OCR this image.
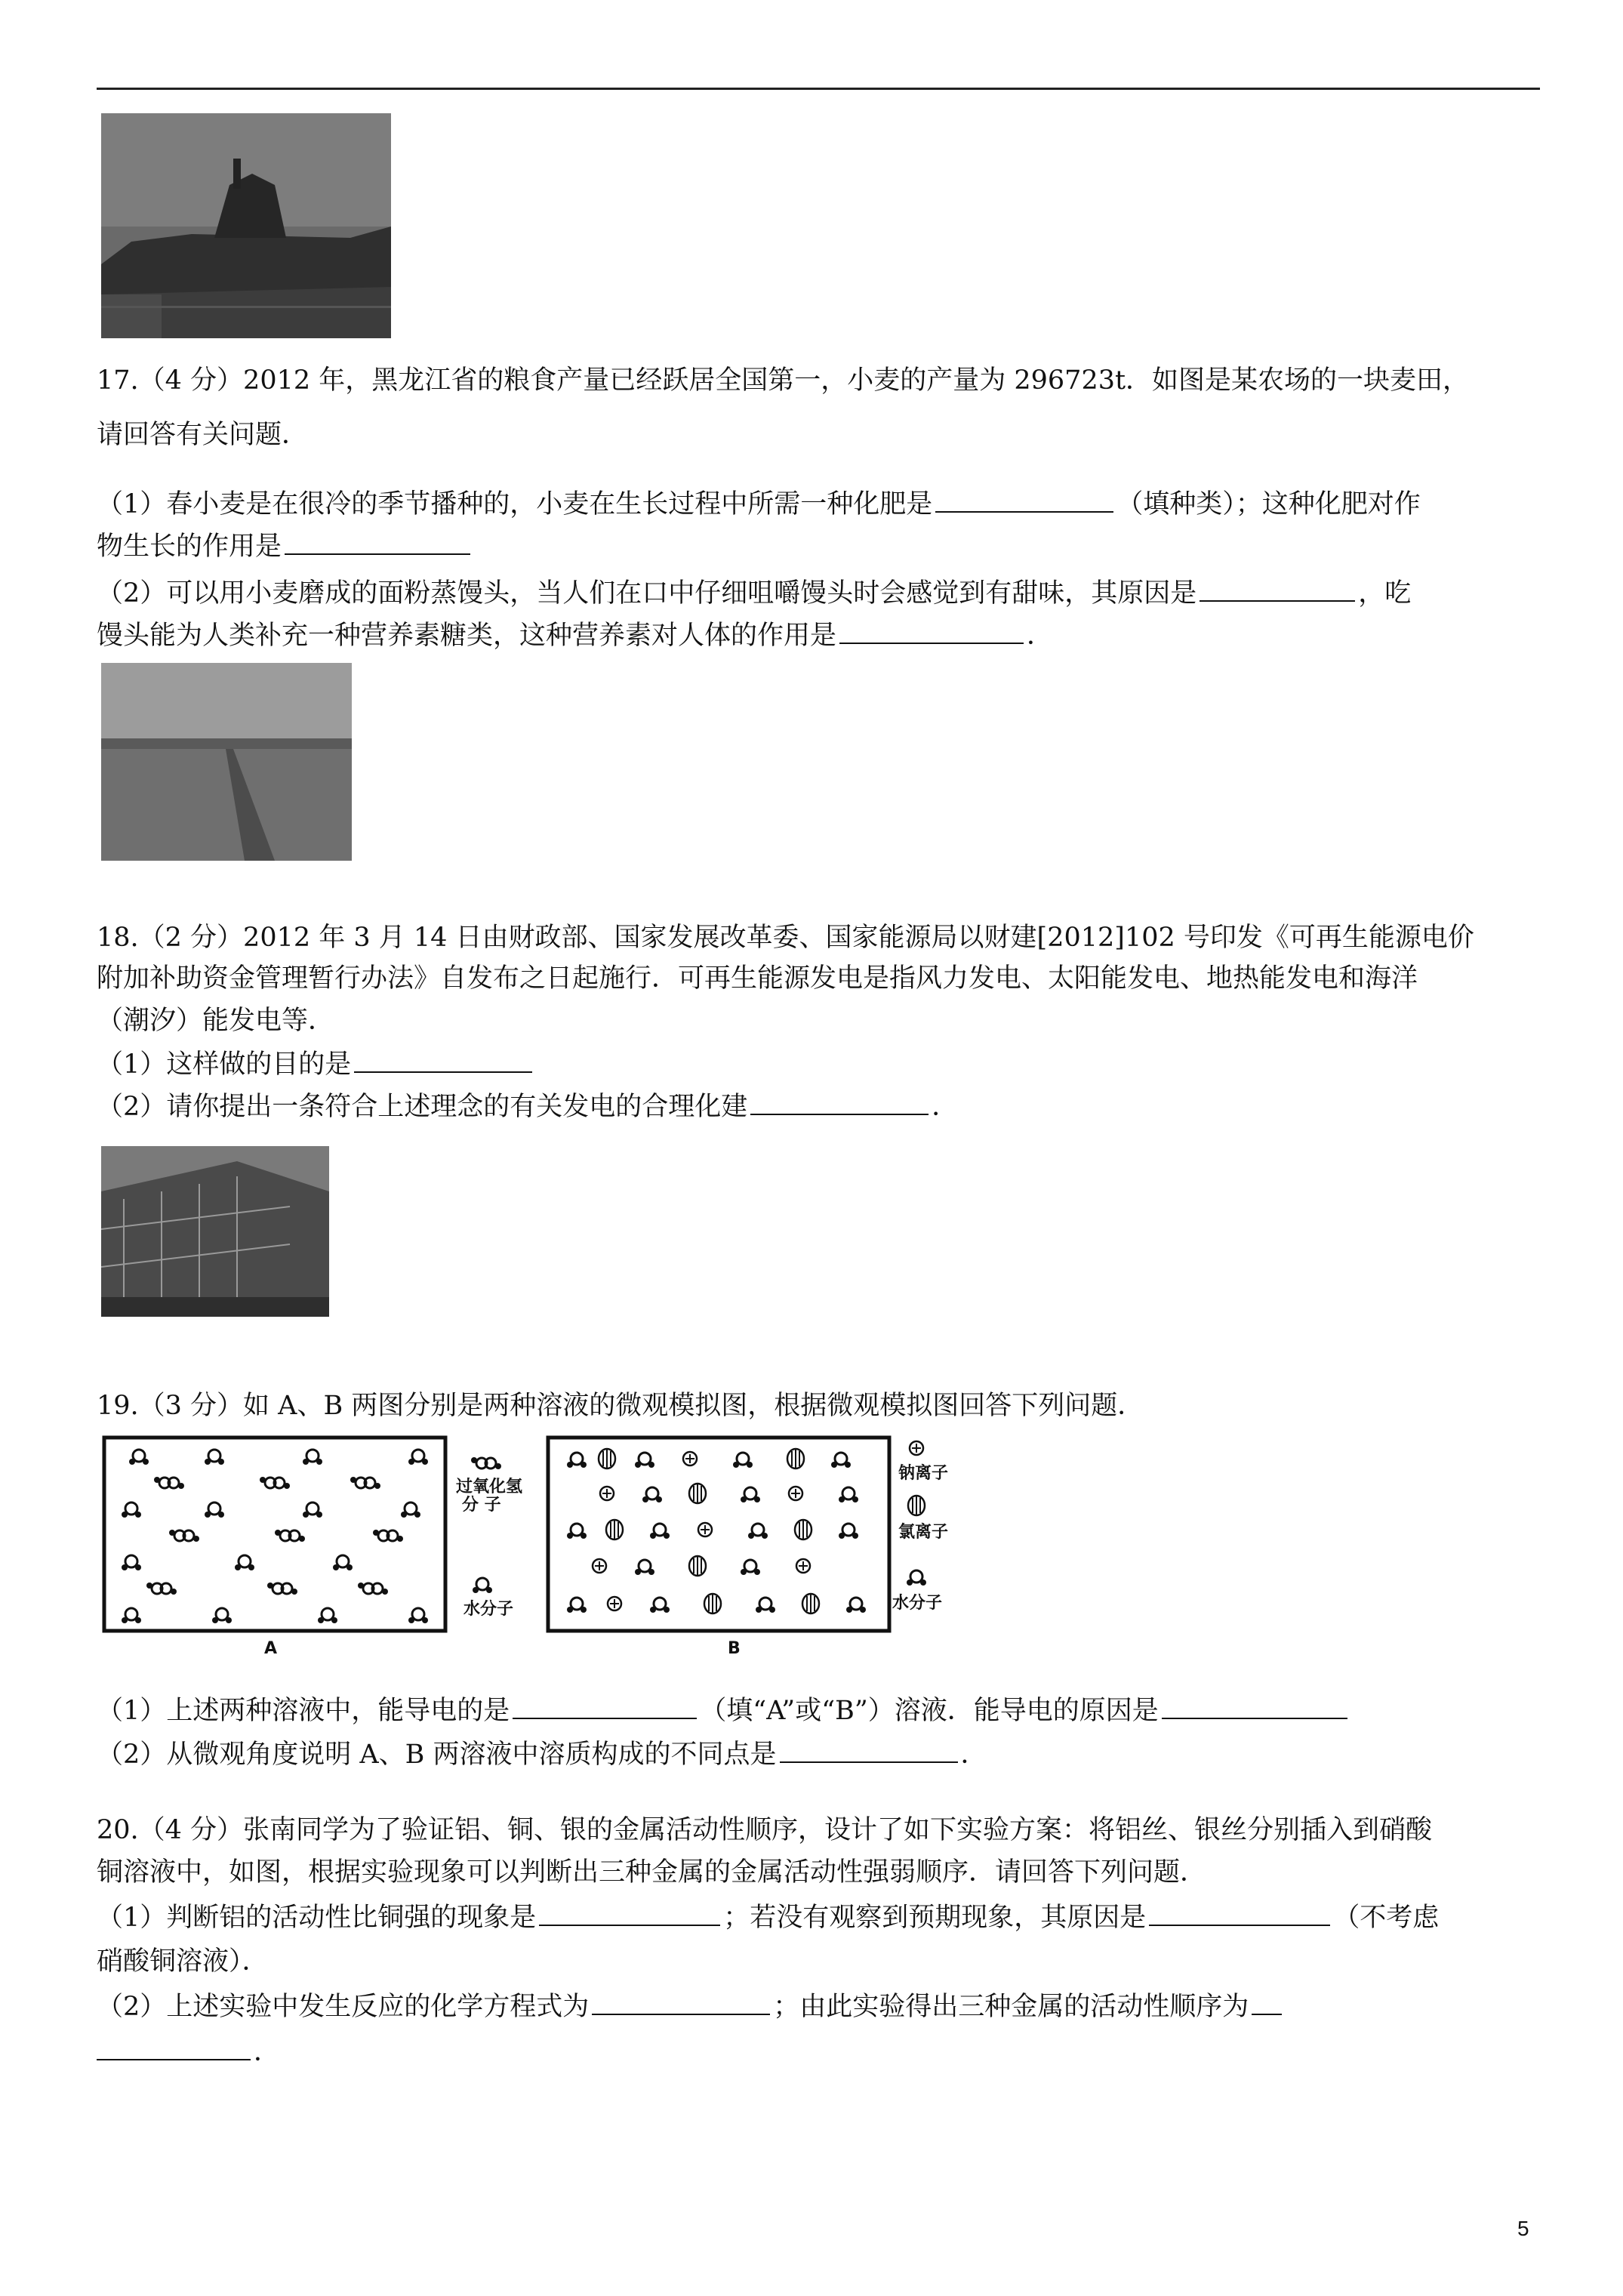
17.（4 分）2012 年，黑龙江省的粮食产量已经跃居全国第一，小麦的产量为 296723t．如图是某农场的一块麦田，
请回答有关问题．
（1）春小麦是在很冷的季节播种的，小麦在生长过程中所需一种化肥是	（填种类）；这种化肥对作
物生长的作用是
（2）可以用小麦磨成的面粉蒸馒头，当人们在口中仔细咀嚼馒头时会感觉到有甜味，其原因是	，吃
馒头能为人类补充一种营养素糖类，这种营养素对人体的作用是	．
18.（2 分）2012 年 3 月 14 日由财政部、国家发展改革委、国家能源局以财建[2012]102 号印发《可再生能源电价
附加补助资金管理暂行办法》自发布之日起施行．可再生能源发电是指风力发电、太阳能发电、地热能发电和海洋
（潮汐）能发电等．
（1）这样做的目的是
（2）请你提出一条符合上述理念的有关发电的合理化建	．
19.（3 分）如 A、B 两图分别是两种溶液的微观模拟图，根据微观模拟图回答下列问题．
过氧化氢
分 子
水分子
钠离子
氯离子
水分子
A	B
（1）上述两种溶液中，能导电的是	（填“A”或“B”）溶液．能导电的原因是
（2）从微观角度说明 A、B 两溶液中溶质构成的不同点是	．
20.（4 分）张南同学为了验证铝、铜、银的金属活动性顺序，设计了如下实验方案：将铝丝、银丝分别插入到硝酸
铜溶液中，如图，根据实验现象可以判断出三种金属的金属活动性强弱顺序．请回答下列问题．
（1）判断铝的活动性比铜强的现象是	；若没有观察到预期现象，其原因是	（不考虑
硝酸铜溶液）．
（2）上述实验中发生反应的化学方程式为	；由此实验得出三种金属的活动性顺序为
．
5
